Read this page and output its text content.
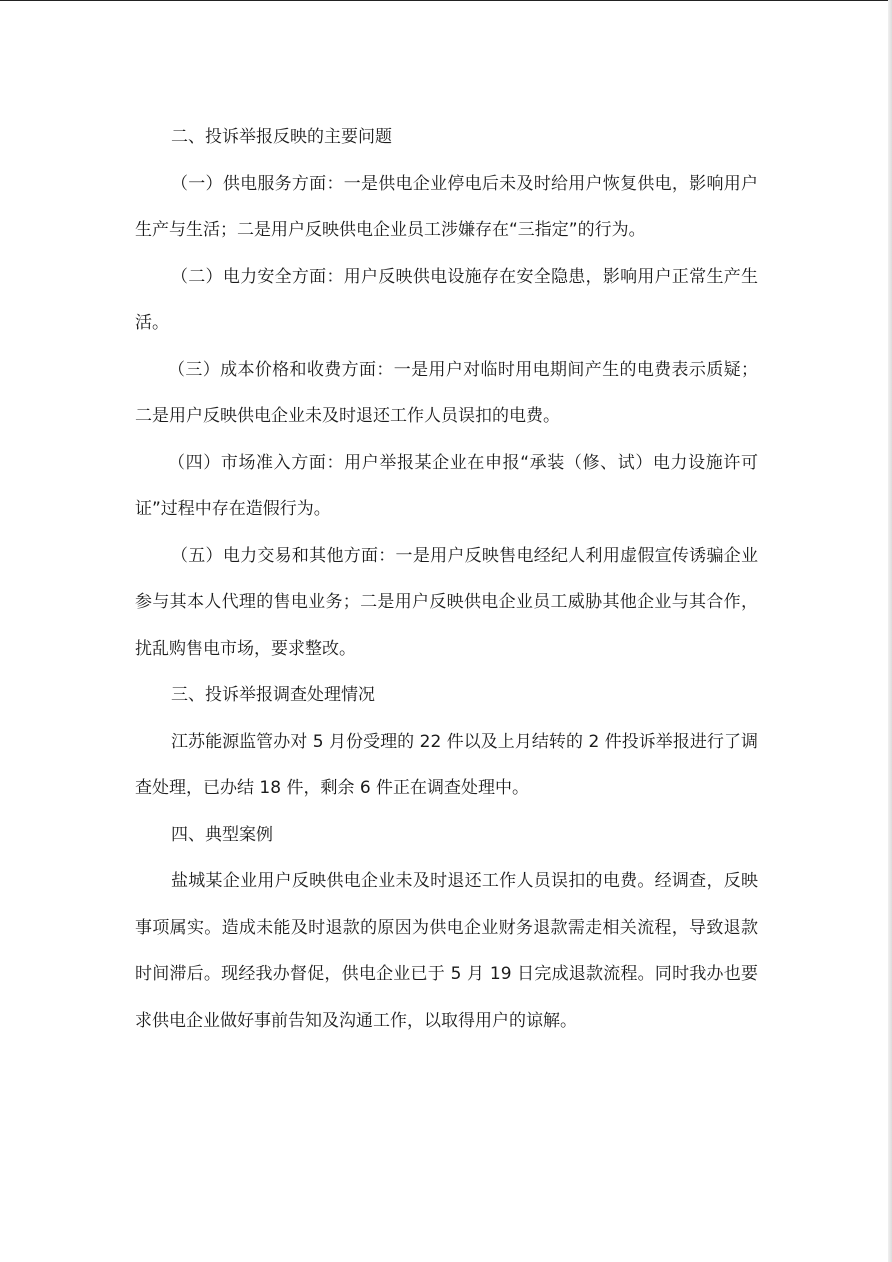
二、投诉举报反映的主要问题

（一）供电服务方面：一是供电企业停电后未及时给用户恢复供电，影响用户生产与生活；二是用户反映供电企业员工涉嫌存在“三指定”的行为。

（二）电力安全方面：用户反映供电设施存在安全隐患，影响用户正常生产生活。

（三）成本价格和收费方面：一是用户对临时用电期间产生的电费表示质疑；二是用户反映供电企业未及时退还工作人员误扣的电费。

（四）市场准入方面：用户举报某企业在申报“承装（修、试）电力设施许可证”过程中存在造假行为。

（五）电力交易和其他方面：一是用户反映售电经纪人利用虚假宣传诱骗企业参与其本人代理的售电业务；二是用户反映供电企业员工威胁其他企业与其合作，扰乱购售电市场，要求整改。

三、投诉举报调查处理情况

江苏能源监管办对 5 月份受理的 22 件以及上月结转的 2 件投诉举报进行了调查处理，已办结 18 件，剩余 6 件正在调查处理中。

四、典型案例

盐城某企业用户反映供电企业未及时退还工作人员误扣的电费。经调查，反映事项属实。造成未能及时退款的原因为供电企业财务退款需走相关流程，导致退款时间滞后。现经我办督促，供电企业已于 5 月 19 日完成退款流程。同时我办也要求供电企业做好事前告知及沟通工作，以取得用户的谅解。
